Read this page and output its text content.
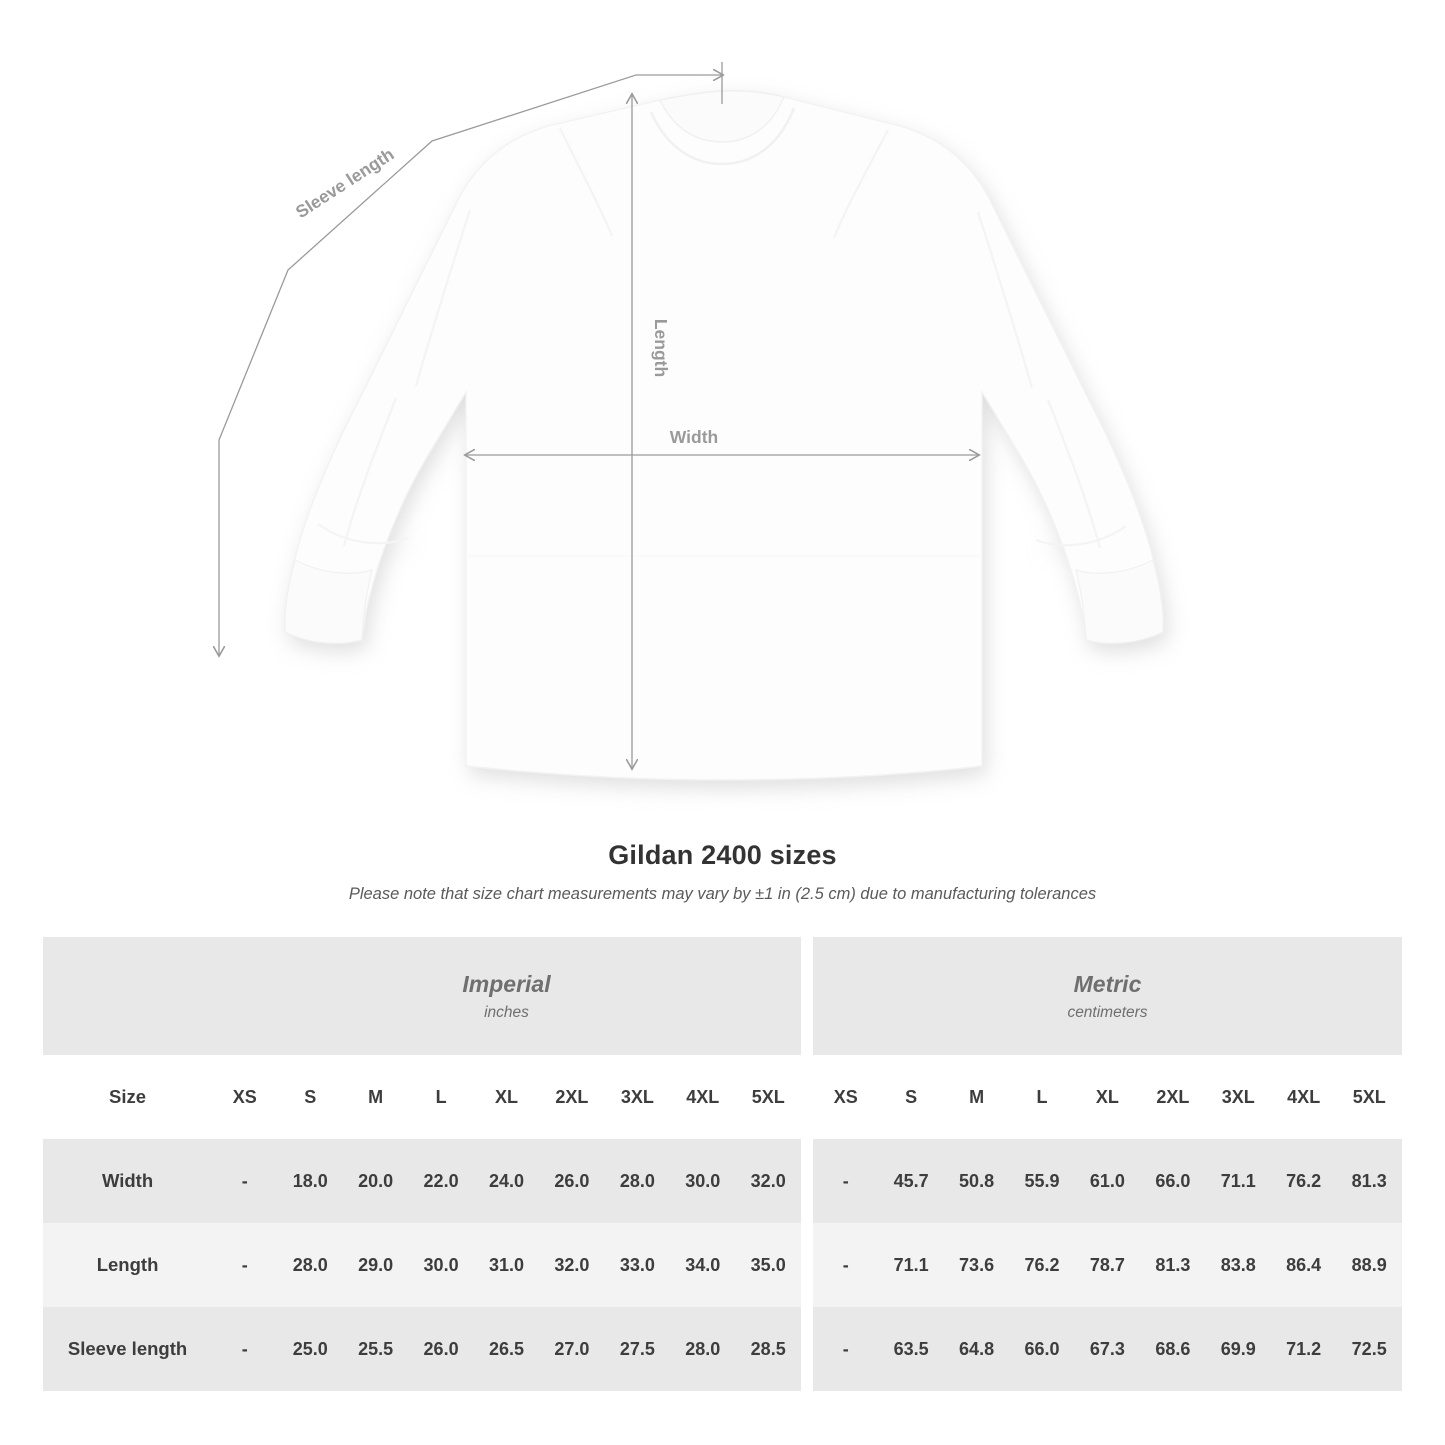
Sleeve length
Length
Width
Gildan 2400 sizes
Please note that size chart measurements may vary by ±1 in (2.5 cm) due to manufacturing tolerances

Imperial
inches

Metric
centimeters

Size	XS	S	M	L	XL	2XL	3XL	4XL	5XL		XS	S	M	L	XL	2XL	3XL	4XL	5XL
Width	-	18.0	20.0	22.0	24.0	26.0	28.0	30.0	32.0		-	45.7	50.8	55.9	61.0	66.0	71.1	76.2	81.3
Length	-	28.0	29.0	30.0	31.0	32.0	33.0	34.0	35.0		-	71.1	73.6	76.2	78.7	81.3	83.8	86.4	88.9
Sleeve length	-	25.0	25.5	26.0	26.5	27.0	27.5	28.0	28.5		-	63.5	64.8	66.0	67.3	68.6	69.9	71.2	72.5
